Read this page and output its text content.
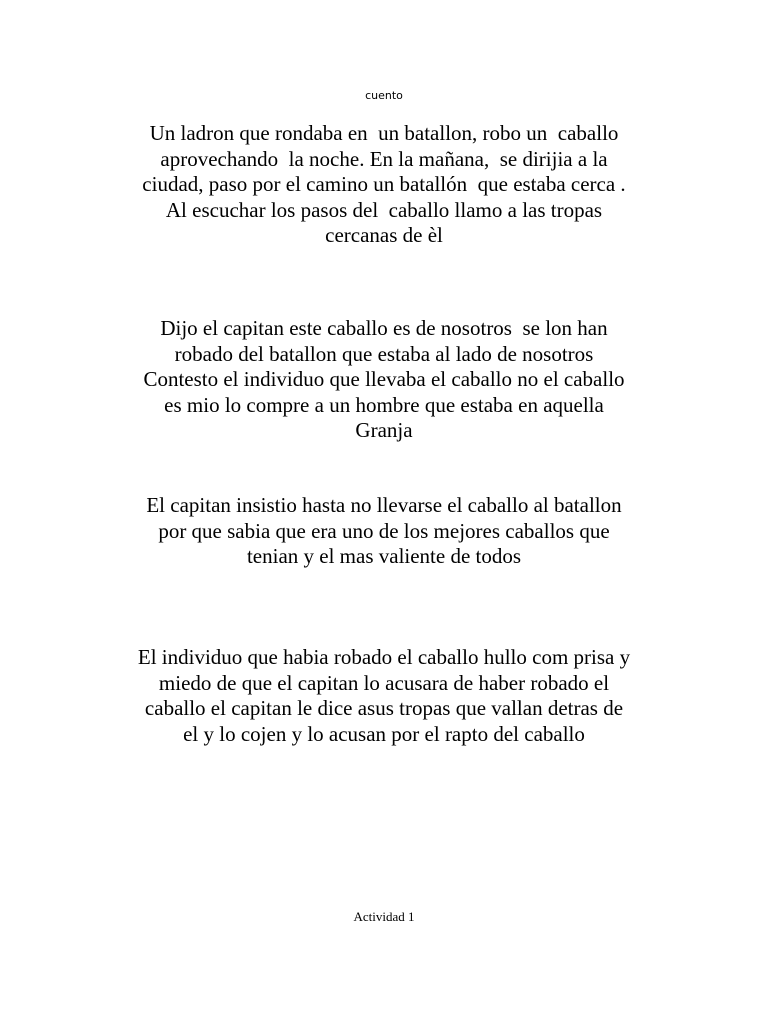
cuento
Un ladron que rondaba en  un batallon, robo un  caballo
aprovechando  la noche. En la mañana,  se dirijia a la
ciudad, paso por el camino un batallón  que estaba cerca .
Al escuchar los pasos del  caballo llamo a las tropas
cercanas de èl
Dijo el capitan este caballo es de nosotros  se lon han
robado del batallon que estaba al lado de nosotros
Contesto el individuo que llevaba el caballo no el caballo
es mio lo compre a un hombre que estaba en aquella
Granja
El capitan insistio hasta no llevarse el caballo al batallon
por que sabia que era uno de los mejores caballos que
tenian y el mas valiente de todos
El individuo que habia robado el caballo hullo com prisa y
miedo de que el capitan lo acusara de haber robado el
caballo el capitan le dice asus tropas que vallan detras de
el y lo cojen y lo acusan por el rapto del caballo
Actividad 1
